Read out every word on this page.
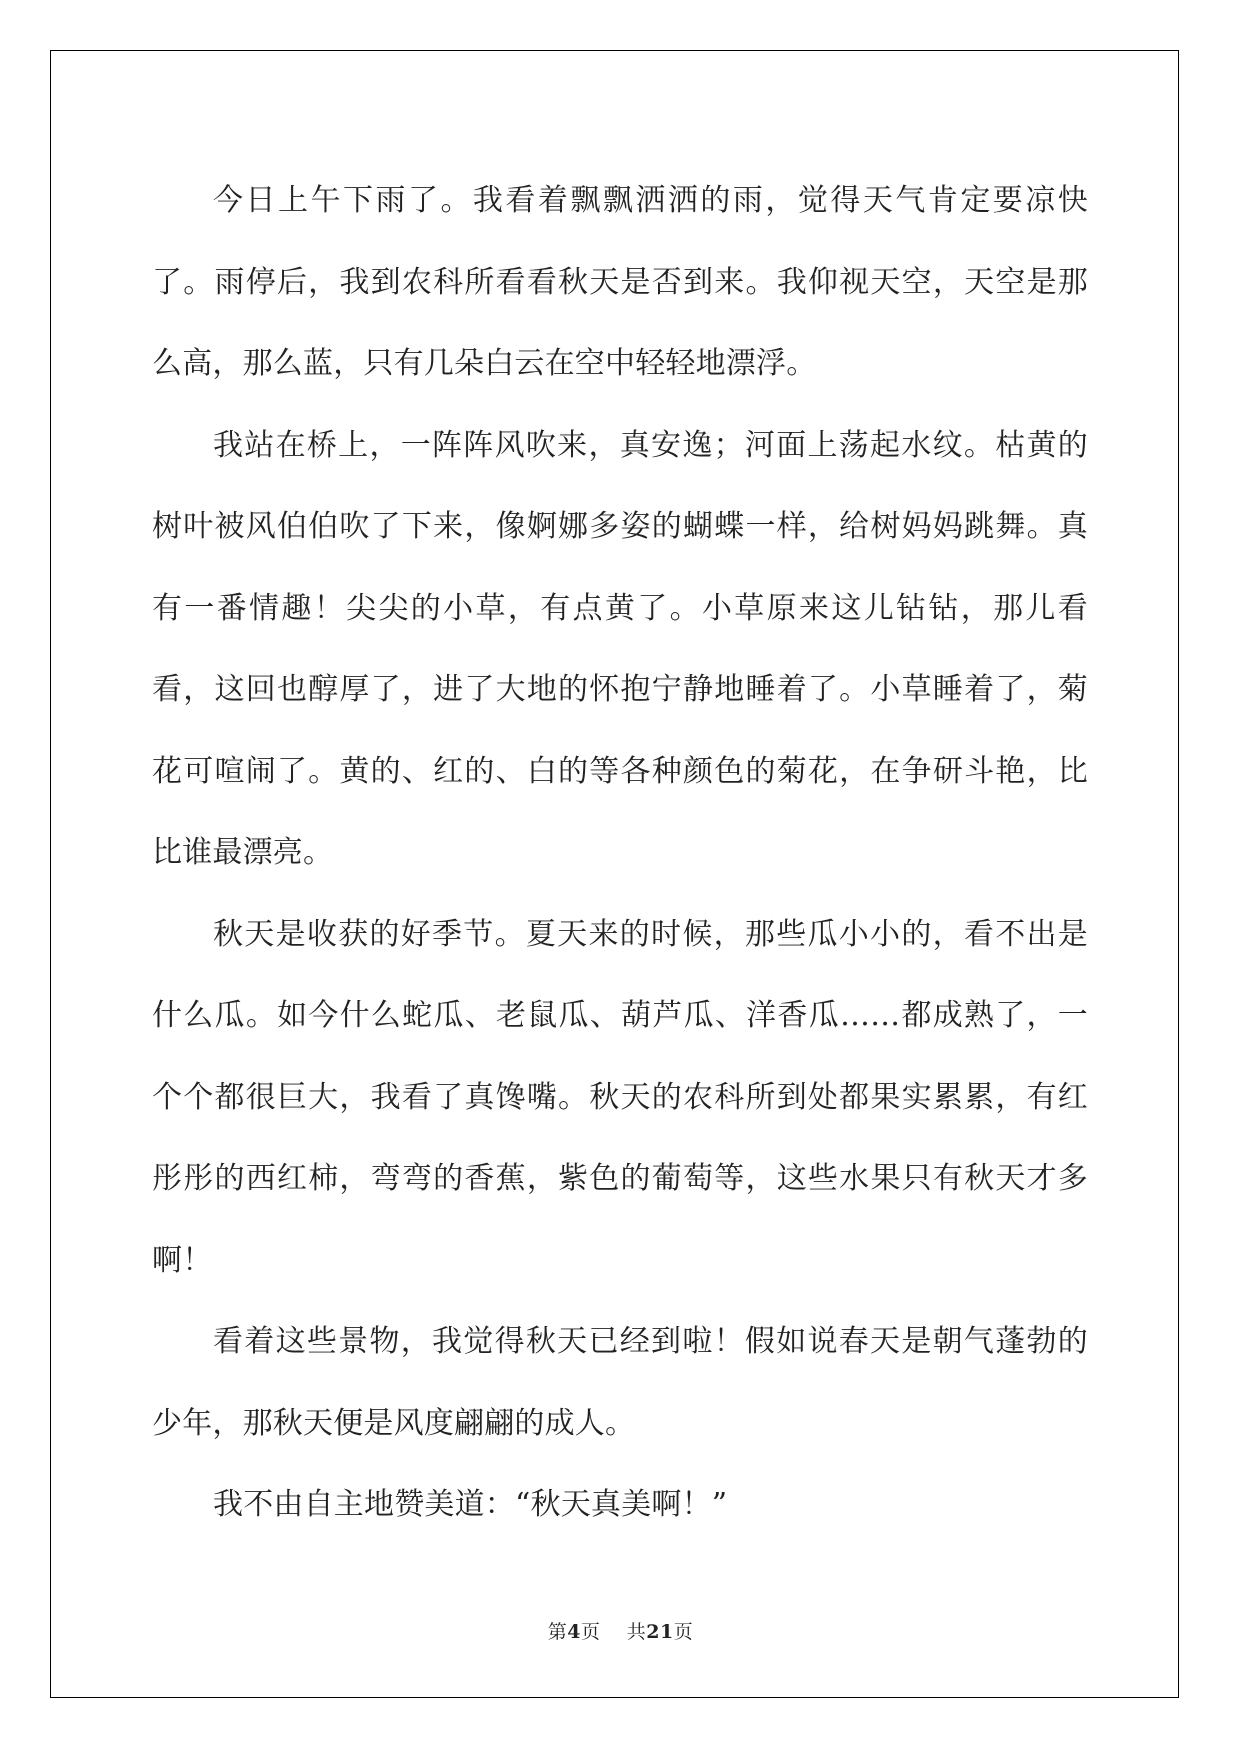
今日上午下雨了。我看着飘飘洒洒的雨，觉得天气肯定要凉快了。雨停后，我到农科所看看秋天是否到来。我仰视天空，天空是那么高，那么蓝，只有几朵白云在空中轻轻地漂浮。

我站在桥上，一阵阵风吹来，真安逸；河面上荡起水纹。枯黄的树叶被风伯伯吹了下来，像婀娜多姿的蝴蝶一样，给树妈妈跳舞。真有一番情趣！尖尖的小草，有点黄了。小草原来这儿钻钻，那儿看看，这回也醇厚了，进了大地的怀抱宁静地睡着了。小草睡着了，菊花可喧闹了。黄的、红的、白的等各种颜色的菊花，在争研斗艳，比比谁最漂亮。

秋天是收获的好季节。夏天来的时候，那些瓜小小的，看不出是什么瓜。如今什么蛇瓜、老鼠瓜、葫芦瓜、洋香瓜……都成熟了，一个个都很巨大，我看了真馋嘴。秋天的农科所到处都果实累累，有红彤彤的西红柿，弯弯的香蕉，紫色的葡萄等，这些水果只有秋天才多啊！

看着这些景物，我觉得秋天已经到啦！假如说春天是朝气蓬勃的少年，那秋天便是风度翩翩的成人。

我不由自主地赞美道：“秋天真美啊！”

第4页 共21页
